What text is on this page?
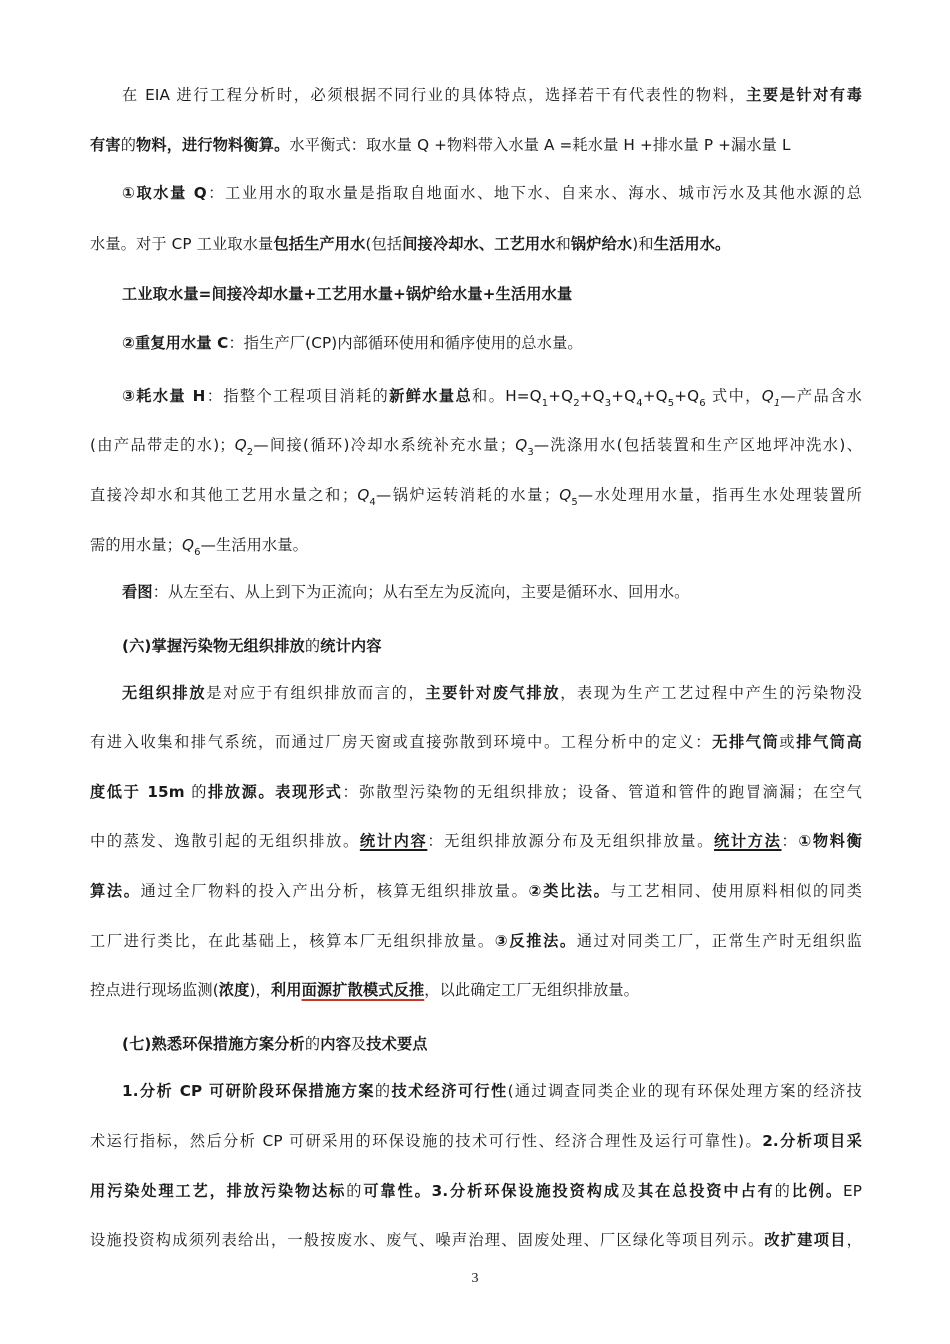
在 EIA 进行工程分析时，必须根据不同行业的具体特点，选择若干有代表性的物料，主要是针对有毒
有害的物料，进行物料衡算。水平衡式：取水量 Q +物料带入水量 A =耗水量 H +排水量 P +漏水量 L
①取水量 Q：工业用水的取水量是指取自地面水、地下水、自来水、海水、城市污水及其他水源的总
水量。对于 CP 工业取水量包括生产用水(包括间接冷却水、工艺用水和锅炉给水)和生活用水。
工业取水量=间接冷却水量+工艺用水量+锅炉给水量+生活用水量
②重复用水量 C：指生产厂(CP)内部循环使用和循序使用的总水量。
③耗水量 H：指整个工程项目消耗的新鲜水量总和。$H=Q_1+Q_2+Q_3+Q_4+Q_5+Q_6$ 式中，$Q_1—$产品含水
(由产品带走的水)；$Q_2—$间接(循环)冷却水系统补充水量；$Q_3—$洗涤用水(包括装置和生产区地坪冲洗水)、
直接冷却水和其他工艺用水量之和；$Q_4—$锅炉运转消耗的水量；$Q_5—$水处理用水量，指再生水处理装置所
需的用水量；$Q_6—$生活用水量。
看图：从左至右、从上到下为正流向；从右至左为反流向，主要是循环水、回用水。
(六)掌握污染物无组织排放的统计内容
无组织排放是对应于有组织排放而言的，主要针对废气排放，表现为生产工艺过程中产生的污染物没
有进入收集和排气系统，而通过厂房天窗或直接弥散到环境中。工程分析中的定义：无排气筒或排气筒高
度低于 15m 的排放源。表现形式：弥散型污染物的无组织排放；设备、管道和管件的跑冒滴漏；在空气
中的蒸发、逸散引起的无组织排放。统计内容：无组织排放源分布及无组织排放量。统计方法：①物料衡
算法。通过全厂物料的投入产出分析，核算无组织排放量。②类比法。与工艺相同、使用原料相似的同类
工厂进行类比，在此基础上，核算本厂无组织排放量。③反推法。通过对同类工厂，正常生产时无组织监
控点进行现场监测(浓度)，利用面源扩散模式反推，以此确定工厂无组织排放量。
(七)熟悉环保措施方案分析的内容及技术要点
1.分析 CP 可研阶段环保措施方案的技术经济可行性(通过调查同类企业的现有环保处理方案的经济技
术运行指标，然后分析 CP 可研采用的环保设施的技术可行性、经济合理性及运行可靠性)。2.分析项目采
用污染处理工艺，排放污染物达标的可靠性。3.分析环保设施投资构成及其在总投资中占有的比例。EP
设施投资构成须列表给出，一般按废水、废气、噪声治理、固废处理、厂区绿化等项目列示。改扩建项目，
3
